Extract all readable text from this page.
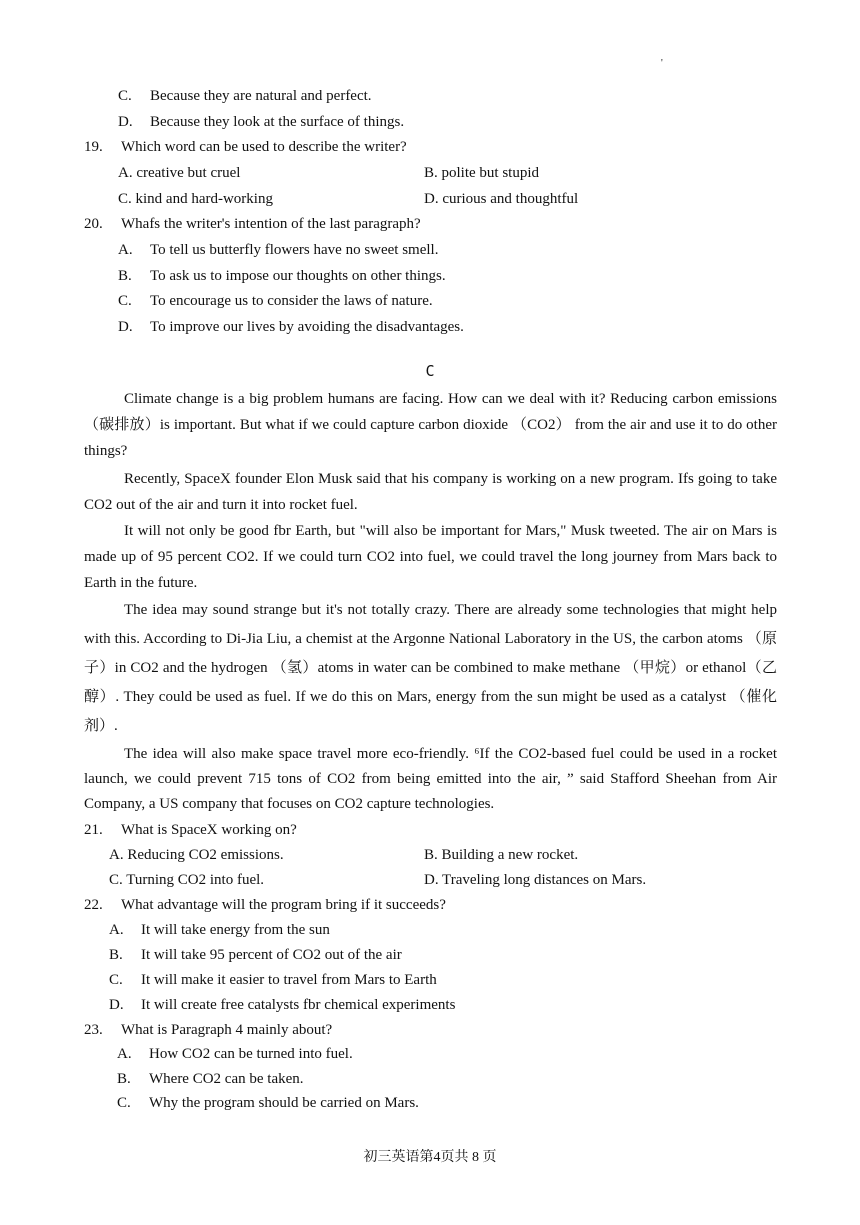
'
C. Because they are natural and perfect.
D. Because they look at the surface of things.
19. Which word can be used to describe the writer?
A. creative but cruel	B. polite but stupid
C. kind and hard-working	D. curious and thoughtful
20. Whafs the writer's intention of the last paragraph?
A. To tell us butterfly flowers have no sweet smell.
B. To ask us to impose our thoughts on other things.
C. To encourage us to consider the laws of nature.
D. To improve our lives by avoiding the disadvantages.
C

Climate change is a big problem humans are facing. How can we deal with it? Reducing carbon emissions （碳排放）is important. But what if we could capture carbon dioxide （CO2） from the air and use it to do other things?

Recently, SpaceX founder Elon Musk said that his company is working on a new program. Ifs going to take CO2 out of the air and turn it into rocket fuel.

It will not only be good fbr Earth, but "will also be important for Mars," Musk tweeted. The air on Mars is made up of 95 percent CO2. If we could turn CO2 into fuel, we could travel the long journey from Mars back to Earth in the future.

The idea may sound strange but it's not totally crazy. There are already some technologies that might help with this. According to Di-Jia Liu, a chemist at the Argonne National Laboratory in the US, the carbon atoms （原子）in CO2 and the hydrogen （氢）atoms in water can be combined to make methane （甲烷）or ethanol（乙醇）. They could be used as fuel. If we do this on Mars, energy from the sun might be used as a catalyst （催化剂）.

The idea will also make space travel more eco-friendly. ⁶If the CO2-based fuel could be used in a rocket launch, we could prevent 715 tons of CO2 from being emitted into the air, ” said Stafford Sheehan from Air Company, a US company that focuses on CO2 capture technologies.

21. What is SpaceX working on?
A. Reducing CO2 emissions.	B. Building a new rocket.
C. Turning CO2 into fuel.	D. Traveling long distances on Mars.
22. What advantage will the program bring if it succeeds?
A. It will take energy from the sun
B. It will take 95 percent of CO2 out of the air
C. It will make it easier to travel from Mars to Earth
D. It will create free catalysts fbr chemical experiments
23. What is Paragraph 4 mainly about?
A. How CO2 can be turned into fuel.
B. Where CO2 can be taken.
C. Why the program should be carried on Mars.
初三英语第4页共 8 页
